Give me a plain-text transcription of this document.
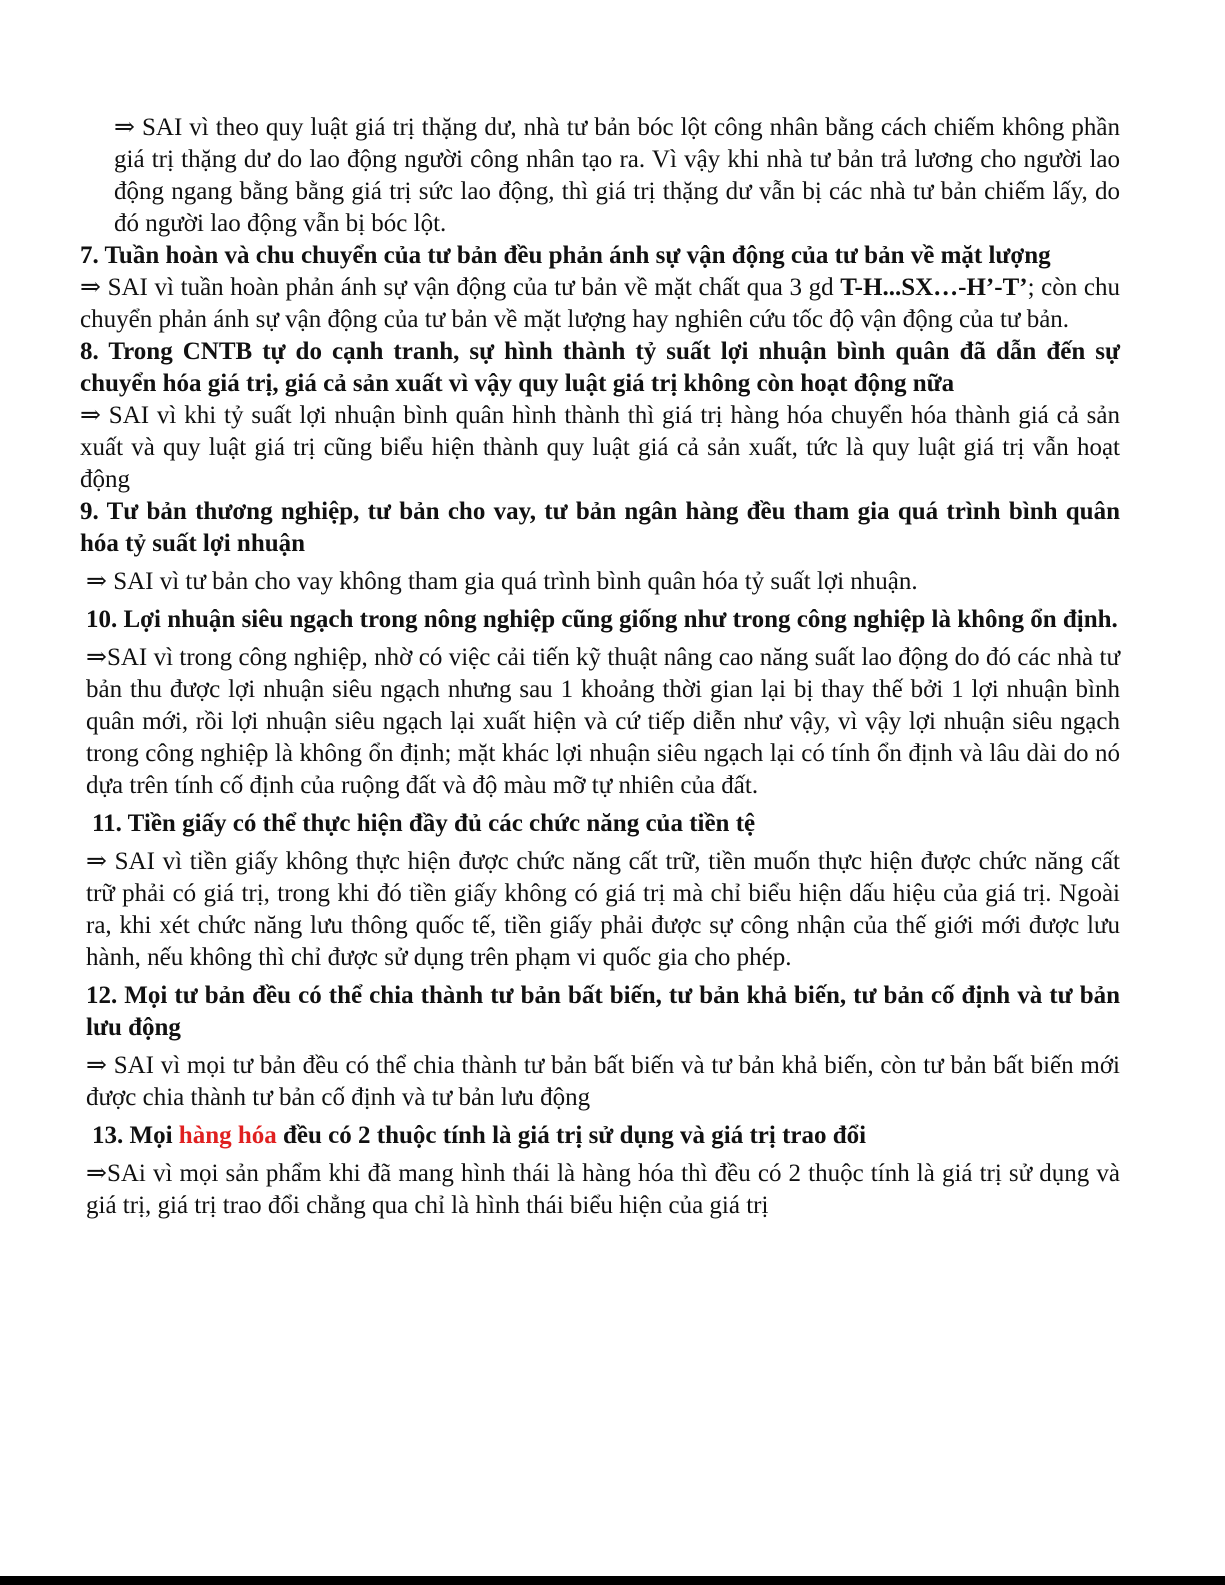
⇒ SAI vì theo quy luật giá trị thặng dư, nhà tư bản bóc lột công nhân bằng cách chiếm không phần giá trị thặng dư do lao động người công nhân tạo ra. Vì vậy khi nhà tư bản trả lương cho người lao động ngang bằng bằng giá trị sức lao động, thì giá trị thặng dư vẫn bị các nhà tư bản chiếm lấy, do đó người lao động vẫn bị bóc lột.

7. Tuần hoàn và chu chuyển của tư bản đều phản ánh sự vận động của tư bản về mặt lượng

⇒ SAI vì tuần hoàn phản ánh sự vận động của tư bản về mặt chất qua 3 gd T-H...SX…-H’-T’; còn chu chuyển phản ánh sự vận động của tư bản về mặt lượng hay nghiên cứu tốc độ vận động của tư bản.

8. Trong CNTB tự do cạnh tranh, sự hình thành tỷ suất lợi nhuận bình quân đã dẫn đến sự chuyển hóa giá trị, giá cả sản xuất vì vậy quy luật giá trị không còn hoạt động nữa

⇒ SAI vì khi tỷ suất lợi nhuận bình quân hình thành thì giá trị hàng hóa chuyển hóa thành giá cả sản xuất và quy luật giá trị cũng biểu hiện thành quy luật giá cả sản xuất, tức là quy luật giá trị vẫn hoạt động

9. Tư bản thương nghiệp, tư bản cho vay, tư bản ngân hàng đều tham gia quá trình bình quân hóa tỷ suất lợi nhuận

⇒ SAI vì tư bản cho vay không tham gia quá trình bình quân hóa tỷ suất lợi nhuận.

10. Lợi nhuận siêu ngạch trong nông nghiệp cũng giống như trong công nghiệp là không ổn định.

⇒SAI vì trong công nghiệp, nhờ có việc cải tiến kỹ thuật nâng cao năng suất lao động do đó các nhà tư bản thu được lợi nhuận siêu ngạch nhưng sau 1 khoảng thời gian lại bị thay thế bởi 1 lợi nhuận bình quân mới, rồi lợi nhuận siêu ngạch lại xuất hiện và cứ tiếp diễn như vậy, vì vậy lợi nhuận siêu ngạch trong công nghiệp là không ổn định; mặt khác lợi nhuận siêu ngạch lại có tính ổn định và lâu dài do nó dựa trên tính cố định của ruộng đất và độ màu mỡ tự nhiên của đất.

11. Tiền giấy có thể thực hiện đầy đủ các chức năng của tiền tệ

⇒ SAI vì tiền giấy không thực hiện được chức năng cất trữ, tiền muốn thực hiện được chức năng cất trữ phải có giá trị, trong khi đó tiền giấy không có giá trị mà chỉ biểu hiện dấu hiệu của giá trị. Ngoài ra, khi xét chức năng lưu thông quốc tế, tiền giấy phải được sự công nhận của thế giới mới được lưu hành, nếu không thì chỉ được sử dụng trên phạm vi quốc gia cho phép.

12. Mọi tư bản đều có thể chia thành tư bản bất biến, tư bản khả biến, tư bản cố định và tư bản lưu động

⇒ SAI vì mọi tư bản đều có thể chia thành tư bản bất biến và tư bản khả biến, còn tư bản bất biến mới được chia thành tư bản cố định và tư bản lưu động

13. Mọi hàng hóa đều có 2 thuộc tính là giá trị sử dụng và giá trị trao đổi

⇒SAi vì mọi sản phẩm khi đã mang hình thái là hàng hóa thì đều có 2 thuộc tính là giá trị sử dụng và giá trị, giá trị trao đổi chẳng qua chỉ là hình thái biểu hiện của giá trị
